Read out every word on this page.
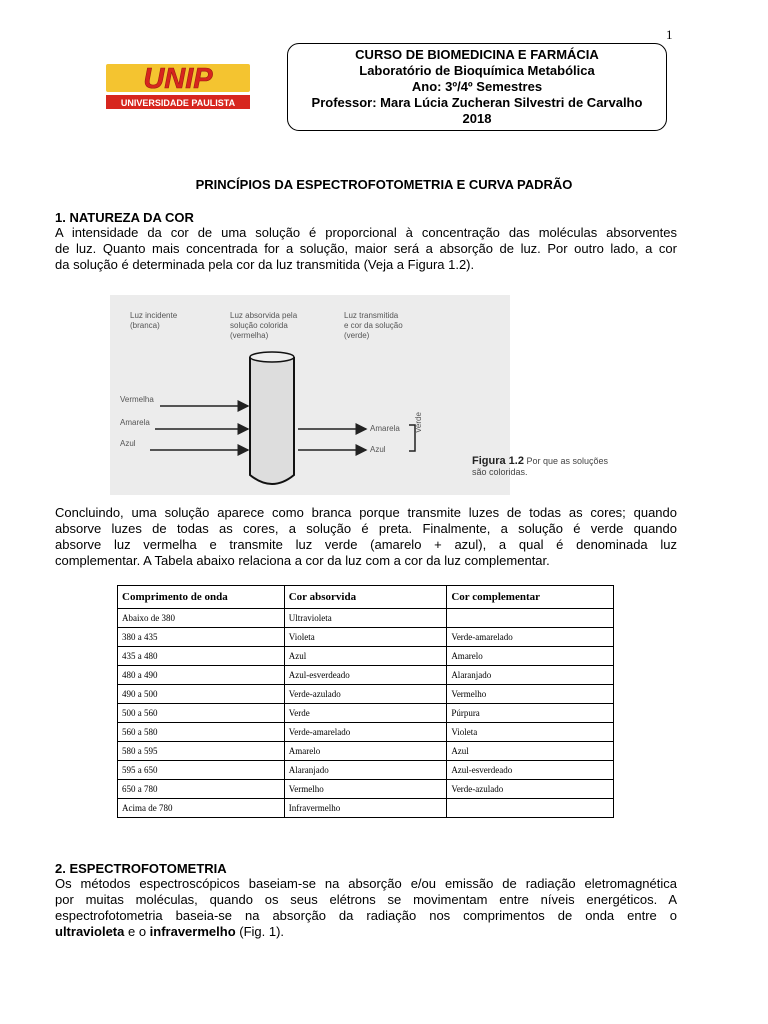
1
UNIP
UNIVERSIDADE PAULISTA
CURSO DE BIOMEDICINA E FARMÁCIA
Laboratório de Bioquímica Metabólica
Ano: 3º/4º Semestres
Professor: Mara Lúcia Zucheran Silvestri de Carvalho
2018
PRINCÍPIOS DA ESPECTROFOTOMETRIA E CURVA PADRÃO
1. NATUREZA DA COR
A intensidade da cor de uma solução é proporcional à concentração das moléculas absorventes
de luz. Quanto mais concentrada for a solução, maior será a absorção de luz. Por outro lado, a cor
da solução é determinada pela cor da luz transmitida (Veja a Figura 1.2).
Luz incidente
(branca)
Luz absorvida pela
solução colorida
(vermelha)
Luz transmitida
e cor da solução
(verde)
Vermelha
Amarela
Azul
Amarela
Azul
Verde
Figura 1.2 Por que as soluções
são coloridas.
Concluindo, uma solução aparece como branca porque transmite luzes de todas as cores; quando
absorve luzes de todas as cores, a solução é preta. Finalmente, a solução é verde quando
absorve luz vermelha e transmite luz verde (amarelo + azul), a qual é denominada luz
complementar. A Tabela abaixo relaciona a cor da luz com a cor da luz complementar.
Comprimento de onda	Cor absorvida	Cor complementar
Abaixo de 380	Ultravioleta	
380 a 435	Violeta	Verde-amarelado
435 a 480	Azul	Amarelo
480 a 490	Azul-esverdeado	Alaranjado
490 a 500	Verde-azulado	Vermelho
500 a 560	Verde	Púrpura
560 a 580	Verde-amarelado	Violeta
580 a 595	Amarelo	Azul
595 a 650	Alaranjado	Azul-esverdeado
650 a 780	Vermelho	Verde-azulado
Acima de 780	Infravermelho	
2. ESPECTROFOTOMETRIA
Os métodos espectroscópicos baseiam-se na absorção e/ou emissão de radiação eletromagnética
por muitas moléculas, quando os seus elétrons se movimentam entre níveis energéticos. A
espectrofotometria baseia-se na absorção da radiação nos comprimentos de onda entre o
ultravioleta e o infravermelho (Fig. 1).
